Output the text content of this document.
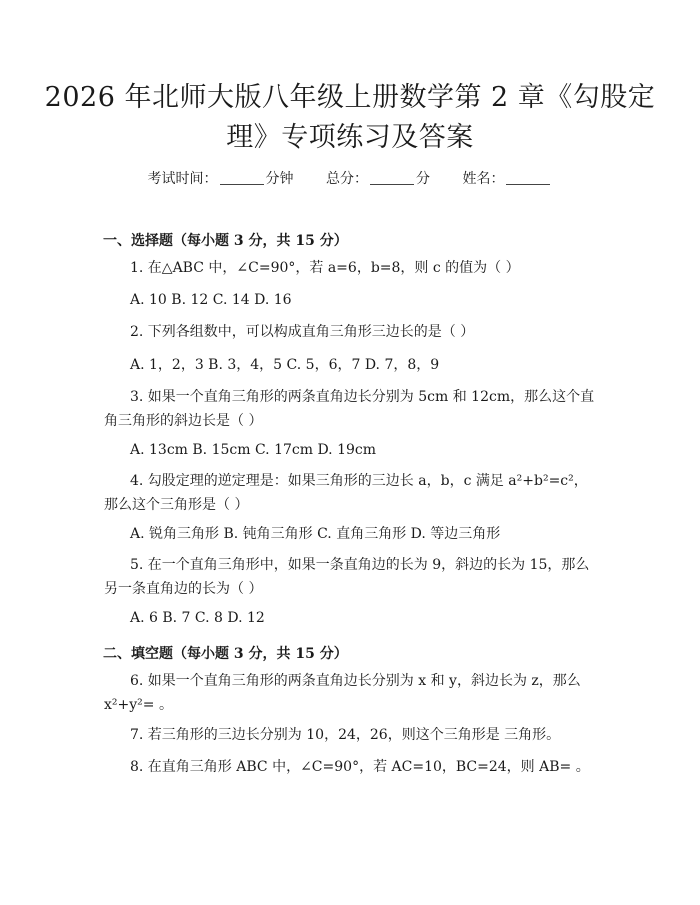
2026 年北师大版八年级上册数学第 2 章《勾股定理》专项练习及答案
考试时间：	分钟 总分：	分 姓名：
一、选择题（每小题 3 分，共 15 分）
1. 在△ABC 中，∠C=90°，若 a=6，b=8，则 c 的值为（ ）
A. 10 B. 12 C. 14 D. 16
2. 下列各组数中，可以构成直角三角形三边长的是（ ）
A. 1，2，3 B. 3，4，5 C. 5，6，7 D. 7，8，9
3. 如果一个直角三角形的两条直角边长分别为 5cm 和 12cm，那么这个直角三角形的斜边长是（ ）
A. 13cm B. 15cm C. 17cm D. 19cm
4. 勾股定理的逆定理是：如果三角形的三边长 a，b，c 满足 a²+b²=c²，那么这个三角形是（ ）
A. 锐角三角形 B. 钝角三角形 C. 直角三角形 D. 等边三角形
5. 在一个直角三角形中，如果一条直角边的长为 9，斜边的长为 15，那么另一条直角边的长为（ ）
A. 6 B. 7 C. 8 D. 12
二、填空题（每小题 3 分，共 15 分）
6. 如果一个直角三角形的两条直角边长分别为 x 和 y，斜边长为 z，那么 x²+y²= 。
7. 若三角形的三边长分别为 10，24，26，则这个三角形是 三角形。
8. 在直角三角形 ABC 中，∠C=90°，若 AC=10，BC=24，则 AB= 。
